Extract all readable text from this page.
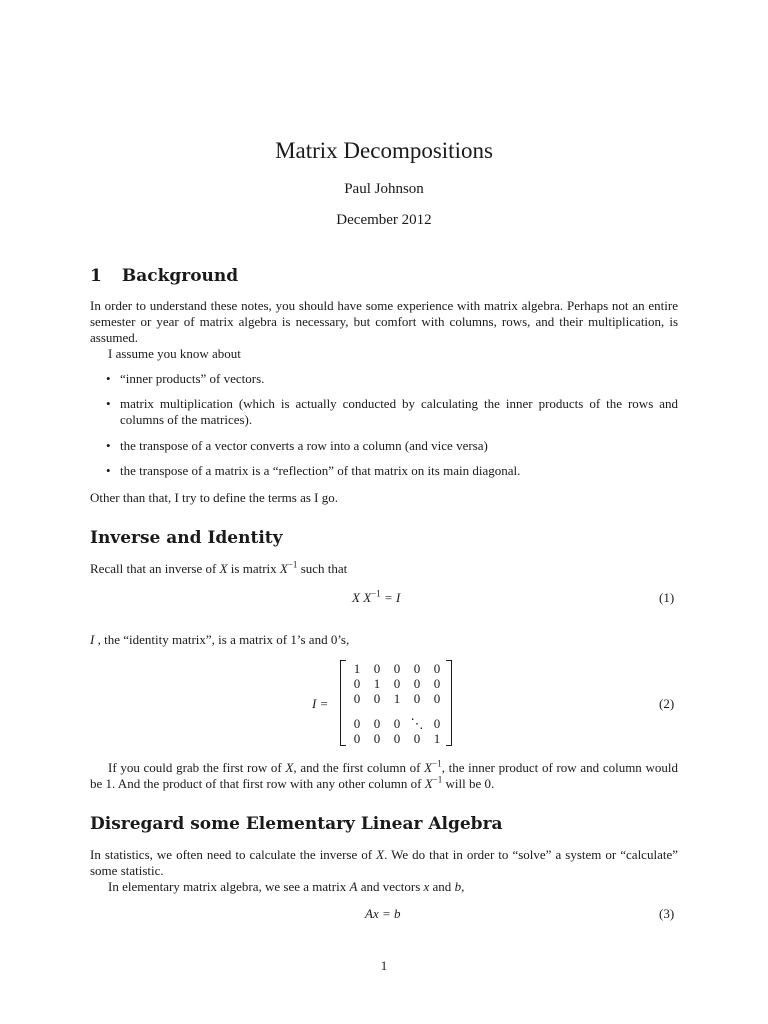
Matrix Decompositions
Paul Johnson
December 2012
1 Background
In order to understand these notes, you should have some experience with matrix algebra. Perhaps not an entire semester or year of matrix algebra is necessary, but comfort with columns, rows, and their multiplication, is assumed.
I assume you know about
• “inner products” of vectors.
• matrix multiplication (which is actually conducted by calculating the inner products of the rows and columns of the matrices).
• the transpose of a vector converts a row into a column (and vice versa)
• the transpose of a matrix is a “reflection” of that matrix on its main diagonal.
Other than that, I try to define the terms as I go.
Inverse and Identity
Recall that an inverse of X is matrix $X^{-1}$ such that
X $X^{-1} = I$	(1)
I , the “identity matrix”, is a matrix of 1’s and 0’s,
I =
1 0 0 0 0
0 1 0 0 0
0 0 1 0 0
0 0 0 ⋱ 0
0 0 0 0 1
(2)
If you could grab the first row of X, and the first column of $X^{-1}$, the inner product of row and column would be 1. And the product of that first row with any other column of $X^{-1}$ will be 0.
Disregard some Elementary Linear Algebra
In statistics, we often need to calculate the inverse of X. We do that in order to “solve” a system or “calculate” some statistic.
In elementary matrix algebra, we see a matrix A and vectors x and b,
Ax = b	(3)
1
